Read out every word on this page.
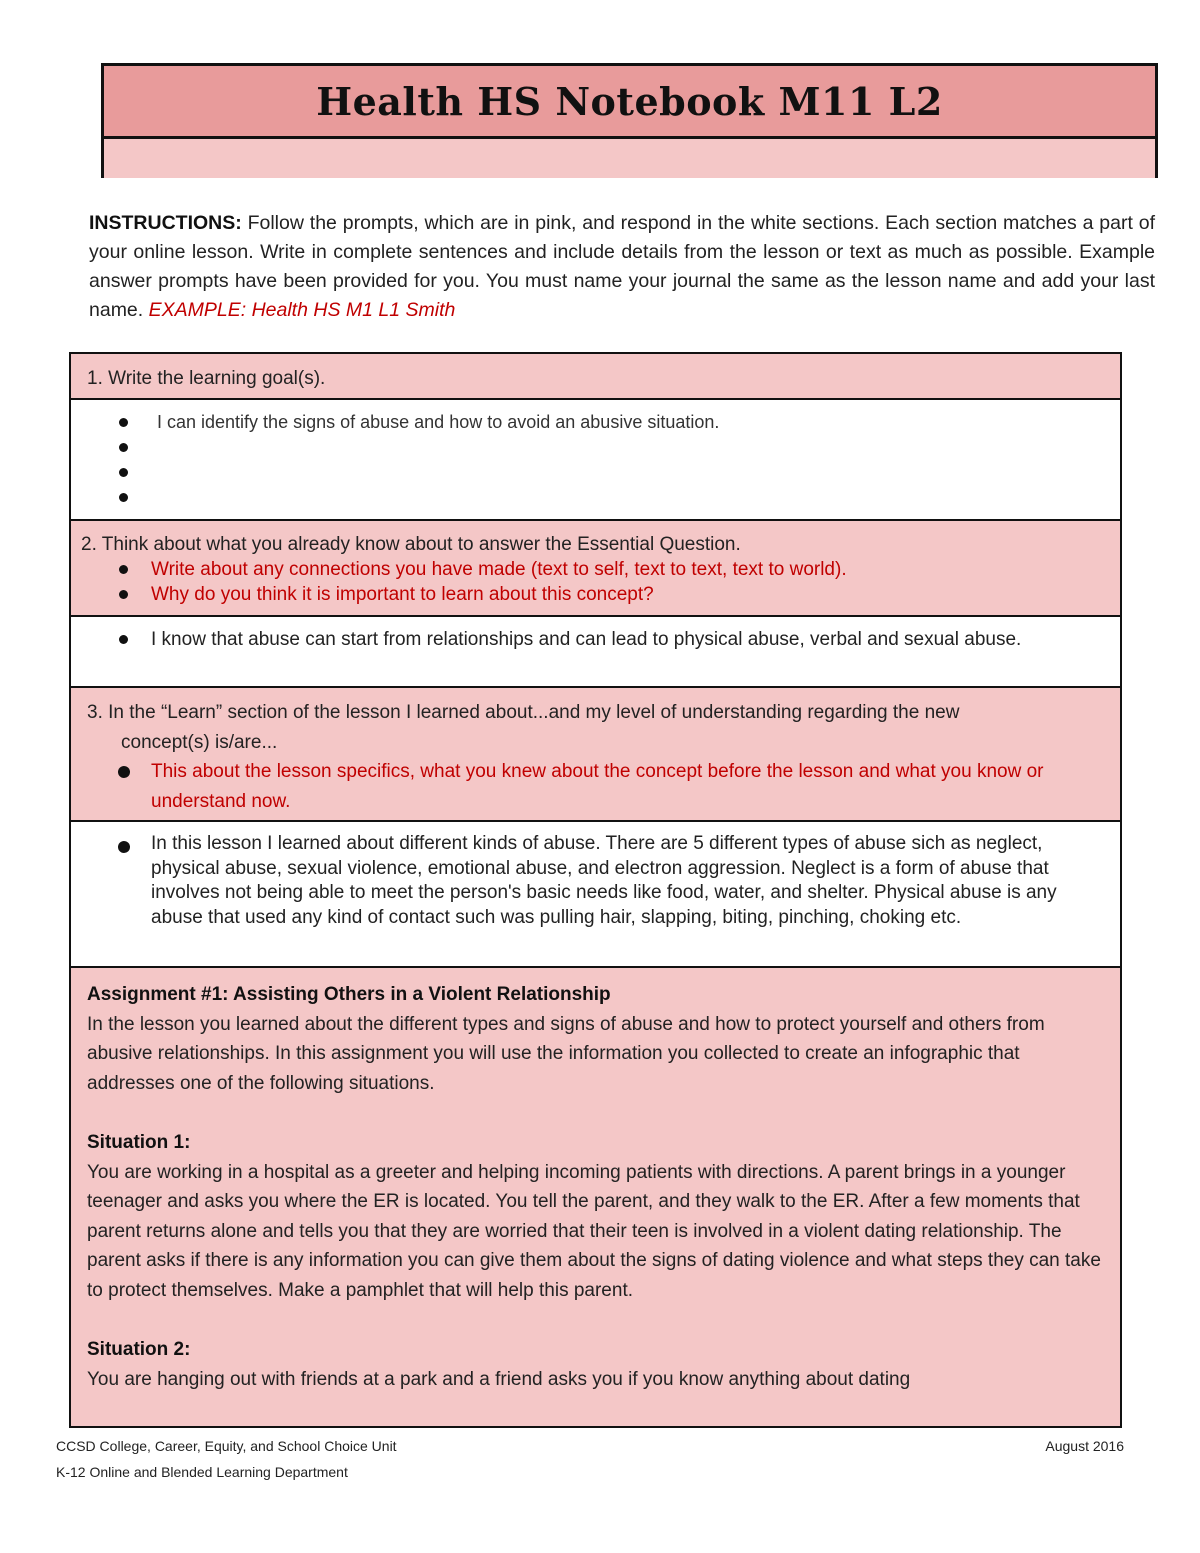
Health HS Notebook M11 L2
INSTRUCTIONS: Follow the prompts, which are in pink, and respond in the white sections. Each section matches a part of your online lesson. Write in complete sentences and include details from the lesson or text as much as possible. Example answer prompts have been provided for you. You must name your journal the same as the lesson name and add your last name. EXAMPLE: Health HS M1 L1 Smith
1. Write the learning goal(s).
I can identify the signs of abuse and how to avoid an abusive situation.
2. Think about what you already know about to answer the Essential Question.
Write about any connections you have made (text to self, text to text, text to world).
Why do you think it is important to learn about this concept?
I know that abuse can start from relationships and can lead to physical abuse, verbal and sexual abuse.
3. In the “Learn” section of the lesson I learned about...and my level of understanding regarding the new
concept(s) is/are...
This about the lesson specifics, what you knew about the concept before the lesson and what you know or understand now.
In this lesson I learned about different kinds of abuse. There are 5 different types of abuse sich as neglect, physical abuse, sexual violence, emotional abuse, and electron aggression. Neglect is a form of abuse that involves not being able to meet the person's basic needs like food, water, and shelter. Physical abuse is any abuse that used any kind of contact such was pulling hair, slapping, biting, pinching, choking etc.
Assignment #1: Assisting Others in a Violent Relationship
In the lesson you learned about the different types and signs of abuse and how to protect yourself and others from abusive relationships. In this assignment you will use the information you collected to create an infographic that addresses one of the following situations.
Situation 1:
You are working in a hospital as a greeter and helping incoming patients with directions. A parent brings in a younger teenager and asks you where the ER is located. You tell the parent, and they walk to the ER. After a few moments that parent returns alone and tells you that they are worried that their teen is involved in a violent dating relationship. The parent asks if there is any information you can give them about the signs of dating violence and what steps they can take to protect themselves. Make a pamphlet that will help this parent.
Situation 2:
You are hanging out with friends at a park and a friend asks you if you know anything about dating
CCSD College, Career, Equity, and School Choice Unit
K-12 Online and Blended Learning Department
August 2016
